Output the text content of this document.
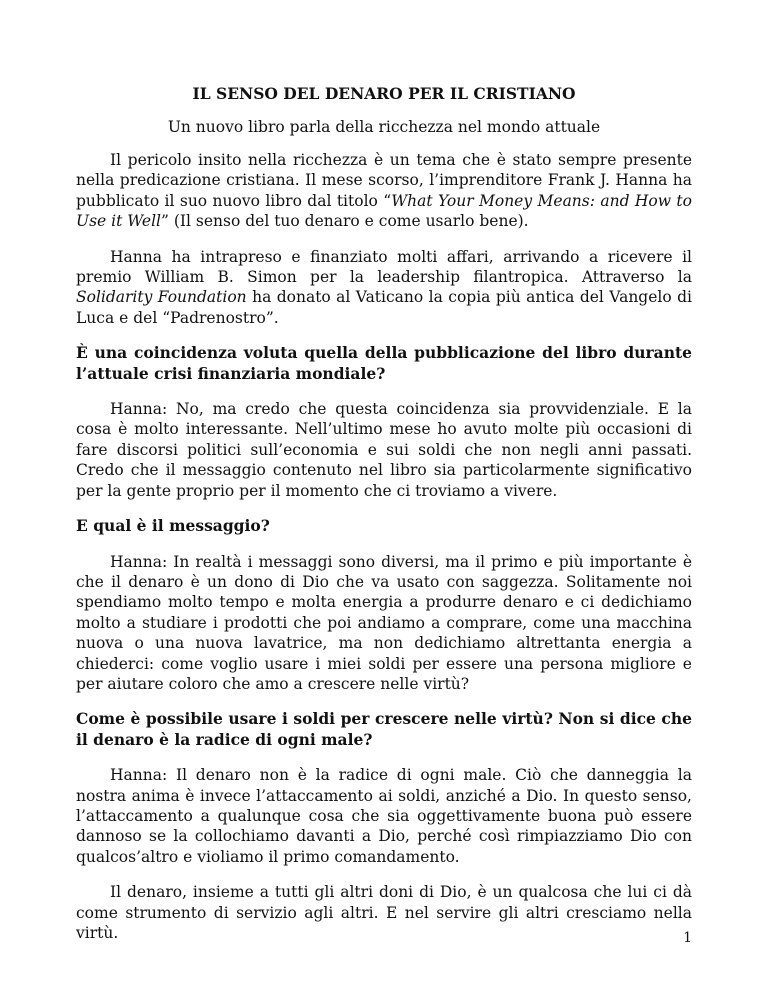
IL SENSO DEL DENARO PER IL CRISTIANO
Un nuovo libro parla della ricchezza nel mondo attuale

Il pericolo insito nella ricchezza è un tema che è stato sempre presente nella predicazione cristiana. Il mese scorso, l’imprenditore Frank J. Hanna ha pubblicato il suo nuovo libro dal titolo “What Your Money Means: and How to Use it Well” (Il senso del tuo denaro e come usarlo bene).

Hanna ha intrapreso e finanziato molti affari, arrivando a ricevere il premio William B. Simon per la leadership filantropica. Attraverso la Solidarity Foundation ha donato al Vaticano la copia più antica del Vangelo di Luca e del “Padrenostro”.

È una coincidenza voluta quella della pubblicazione del libro durante l’attuale crisi finanziaria mondiale?

Hanna: No, ma credo che questa coincidenza sia provvidenziale. E la cosa è molto interessante. Nell’ultimo mese ho avuto molte più occasioni di fare discorsi politici sull’economia e sui soldi che non negli anni passati. Credo che il messaggio contenuto nel libro sia particolarmente significativo per la gente proprio per il momento che ci troviamo a vivere.

E qual è il messaggio?

Hanna: In realtà i messaggi sono diversi, ma il primo e più importante è che il denaro è un dono di Dio che va usato con saggezza. Solitamente noi spendiamo molto tempo e molta energia a produrre denaro e ci dedichiamo molto a studiare i prodotti che poi andiamo a comprare, come una macchina nuova o una nuova lavatrice, ma non dedichiamo altrettanta energia a chiederci: come voglio usare i miei soldi per essere una persona migliore e per aiutare coloro che amo a crescere nelle virtù?

Come è possibile usare i soldi per crescere nelle virtù? Non si dice che il denaro è la radice di ogni male?

Hanna: Il denaro non è la radice di ogni male. Ciò che danneggia la nostra anima è invece l’attaccamento ai soldi, anziché a Dio. In questo senso, l’attaccamento a qualunque cosa che sia oggettivamente buona può essere dannoso se la collochiamo davanti a Dio, perché così rimpiazziamo Dio con qualcos’altro e violiamo il primo comandamento.

Il denaro, insieme a tutti gli altri doni di Dio, è un qualcosa che lui ci dà come strumento di servizio agli altri. E nel servire gli altri cresciamo nella virtù.	1
